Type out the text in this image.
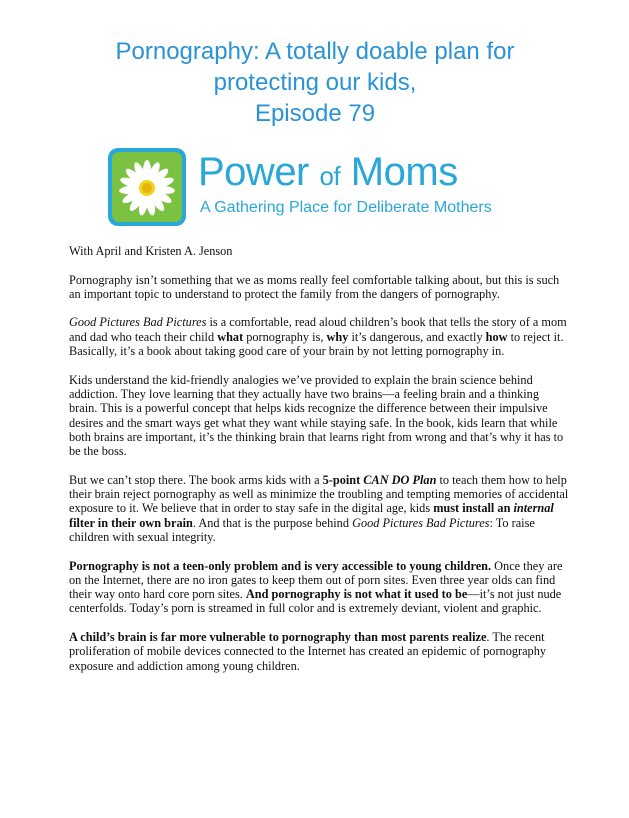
Pornography: A totally doable plan for
protecting our kids,
Episode 79
Power of Moms
A Gathering Place for Deliberate Mothers

With April and Kristen A. Jenson

Pornography isn’t something that we as moms really feel comfortable talking about, but this is such an important topic to understand to protect the family from the dangers of pornography.

Good Pictures Bad Pictures is a comfortable, read aloud children’s book that tells the story of a mom and dad who teach their child what pornography is, why it’s dangerous, and exactly how to reject it. Basically, it’s a book about taking good care of your brain by not letting pornography in.

Kids understand the kid-friendly analogies we’ve provided to explain the brain science behind addiction. They love learning that they actually have two brains—a feeling brain and a thinking brain. This is a powerful concept that helps kids recognize the difference between their impulsive desires and the smart ways get what they want while staying safe. In the book, kids learn that while both brains are important, it’s the thinking brain that learns right from wrong and that’s why it has to be the boss.

But we can’t stop there. The book arms kids with a 5-point CAN DO Plan to teach them how to help their brain reject pornography as well as minimize the troubling and tempting memories of accidental exposure to it. We believe that in order to stay safe in the digital age, kids must install an internal filter in their own brain. And that is the purpose behind Good Pictures Bad Pictures: To raise children with sexual integrity.

Pornography is not a teen-only problem and is very accessible to young children. Once they are on the Internet, there are no iron gates to keep them out of porn sites. Even three year olds can find their way onto hard core porn sites. And pornography is not what it used to be—it’s not just nude centerfolds. Today’s porn is streamed in full color and is extremely deviant, violent and graphic.

A child’s brain is far more vulnerable to pornography than most parents realize. The recent proliferation of mobile devices connected to the Internet has created an epidemic of pornography exposure and addiction among young children.
